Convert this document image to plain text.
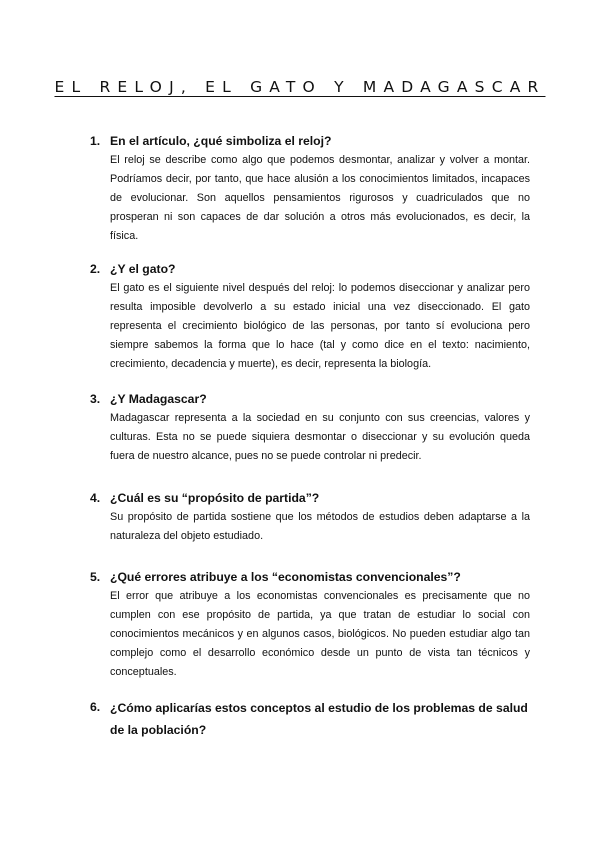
EL RELOJ, EL GATO Y MADAGASCAR
1. En el artículo, ¿qué simboliza el reloj?
El reloj se describe como algo que podemos desmontar, analizar y volver a montar. Podríamos decir, por tanto, que hace alusión a los conocimientos limitados, incapaces de evolucionar. Son aquellos pensamientos rigurosos y cuadriculados que no prosperan ni son capaces de dar solución a otros más evolucionados, es decir, la física.
2. ¿Y el gato?
El gato es el siguiente nivel después del reloj: lo podemos diseccionar y analizar pero resulta imposible devolverlo a su estado inicial una vez diseccionado. El gato representa el crecimiento biológico de las personas, por tanto sí evoluciona pero siempre sabemos la forma que lo hace (tal y como dice en el texto: nacimiento, crecimiento, decadencia y muerte), es decir, representa la biología.
3. ¿Y Madagascar?
Madagascar representa a la sociedad en su conjunto con sus creencias, valores y culturas. Esta no se puede siquiera desmontar o diseccionar y su evolución queda fuera de nuestro alcance, pues no se puede controlar ni predecir.
4. ¿Cuál es su “propósito de partida”?
Su propósito de partida sostiene que los métodos de estudios deben adaptarse a la naturaleza del objeto estudiado.
5. ¿Qué errores atribuye a los “economistas convencionales”?
El error que atribuye a los economistas convencionales es precisamente que no cumplen con ese propósito de partida, ya que tratan de estudiar lo social con conocimientos mecánicos y en algunos casos, biológicos. No pueden estudiar algo tan complejo como el desarrollo económico desde un punto de vista tan técnicos y conceptuales.
6. ¿Cómo aplicarías estos conceptos al estudio de los problemas de salud de la población?
